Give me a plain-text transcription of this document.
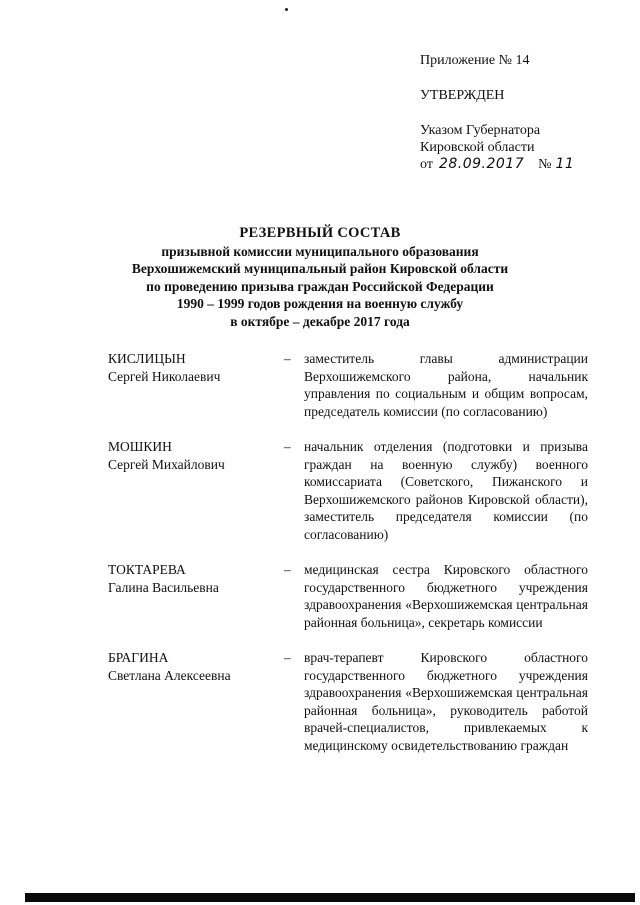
Приложение № 14
УТВЕРЖДЕН
Указом Губернатора
Кировской области
от 28.09.2017 № 11
РЕЗЕРВНЫЙ СОСТАВ
призывной комиссии муниципального образования
Верхошижемский муниципальный район Кировской области
по проведению призыва граждан Российской Федерации
1990 – 1999 годов рождения на военную службу
в октябре – декабре 2017 года
КИСЛИЦЫН
Сергей Николаевич
– заместитель главы администрации Верхошижемского района, начальник управления по социальным и общим вопросам, председатель комиссии (по согласованию)
МОШКИН
Сергей Михайлович
– начальник отделения (подготовки и призыва граждан на военную службу) военного комиссариата (Советского, Пижанского и Верхошижемского районов Кировской области), заместитель председателя комиссии (по согласованию)
ТОКТАРЕВА
Галина Васильевна
– медицинская сестра Кировского областного государственного бюджетного учреждения здравоохранения «Верхошижемская центральная районная больница», секретарь комиссии
БРАГИНА
Светлана Алексеевна
– врач-терапевт Кировского областного государственного бюджетного учреждения здравоохранения «Верхошижемская центральная районная больница», руководитель работой врачей-специалистов, привлекаемых к медицинскому освидетельствованию граждан
